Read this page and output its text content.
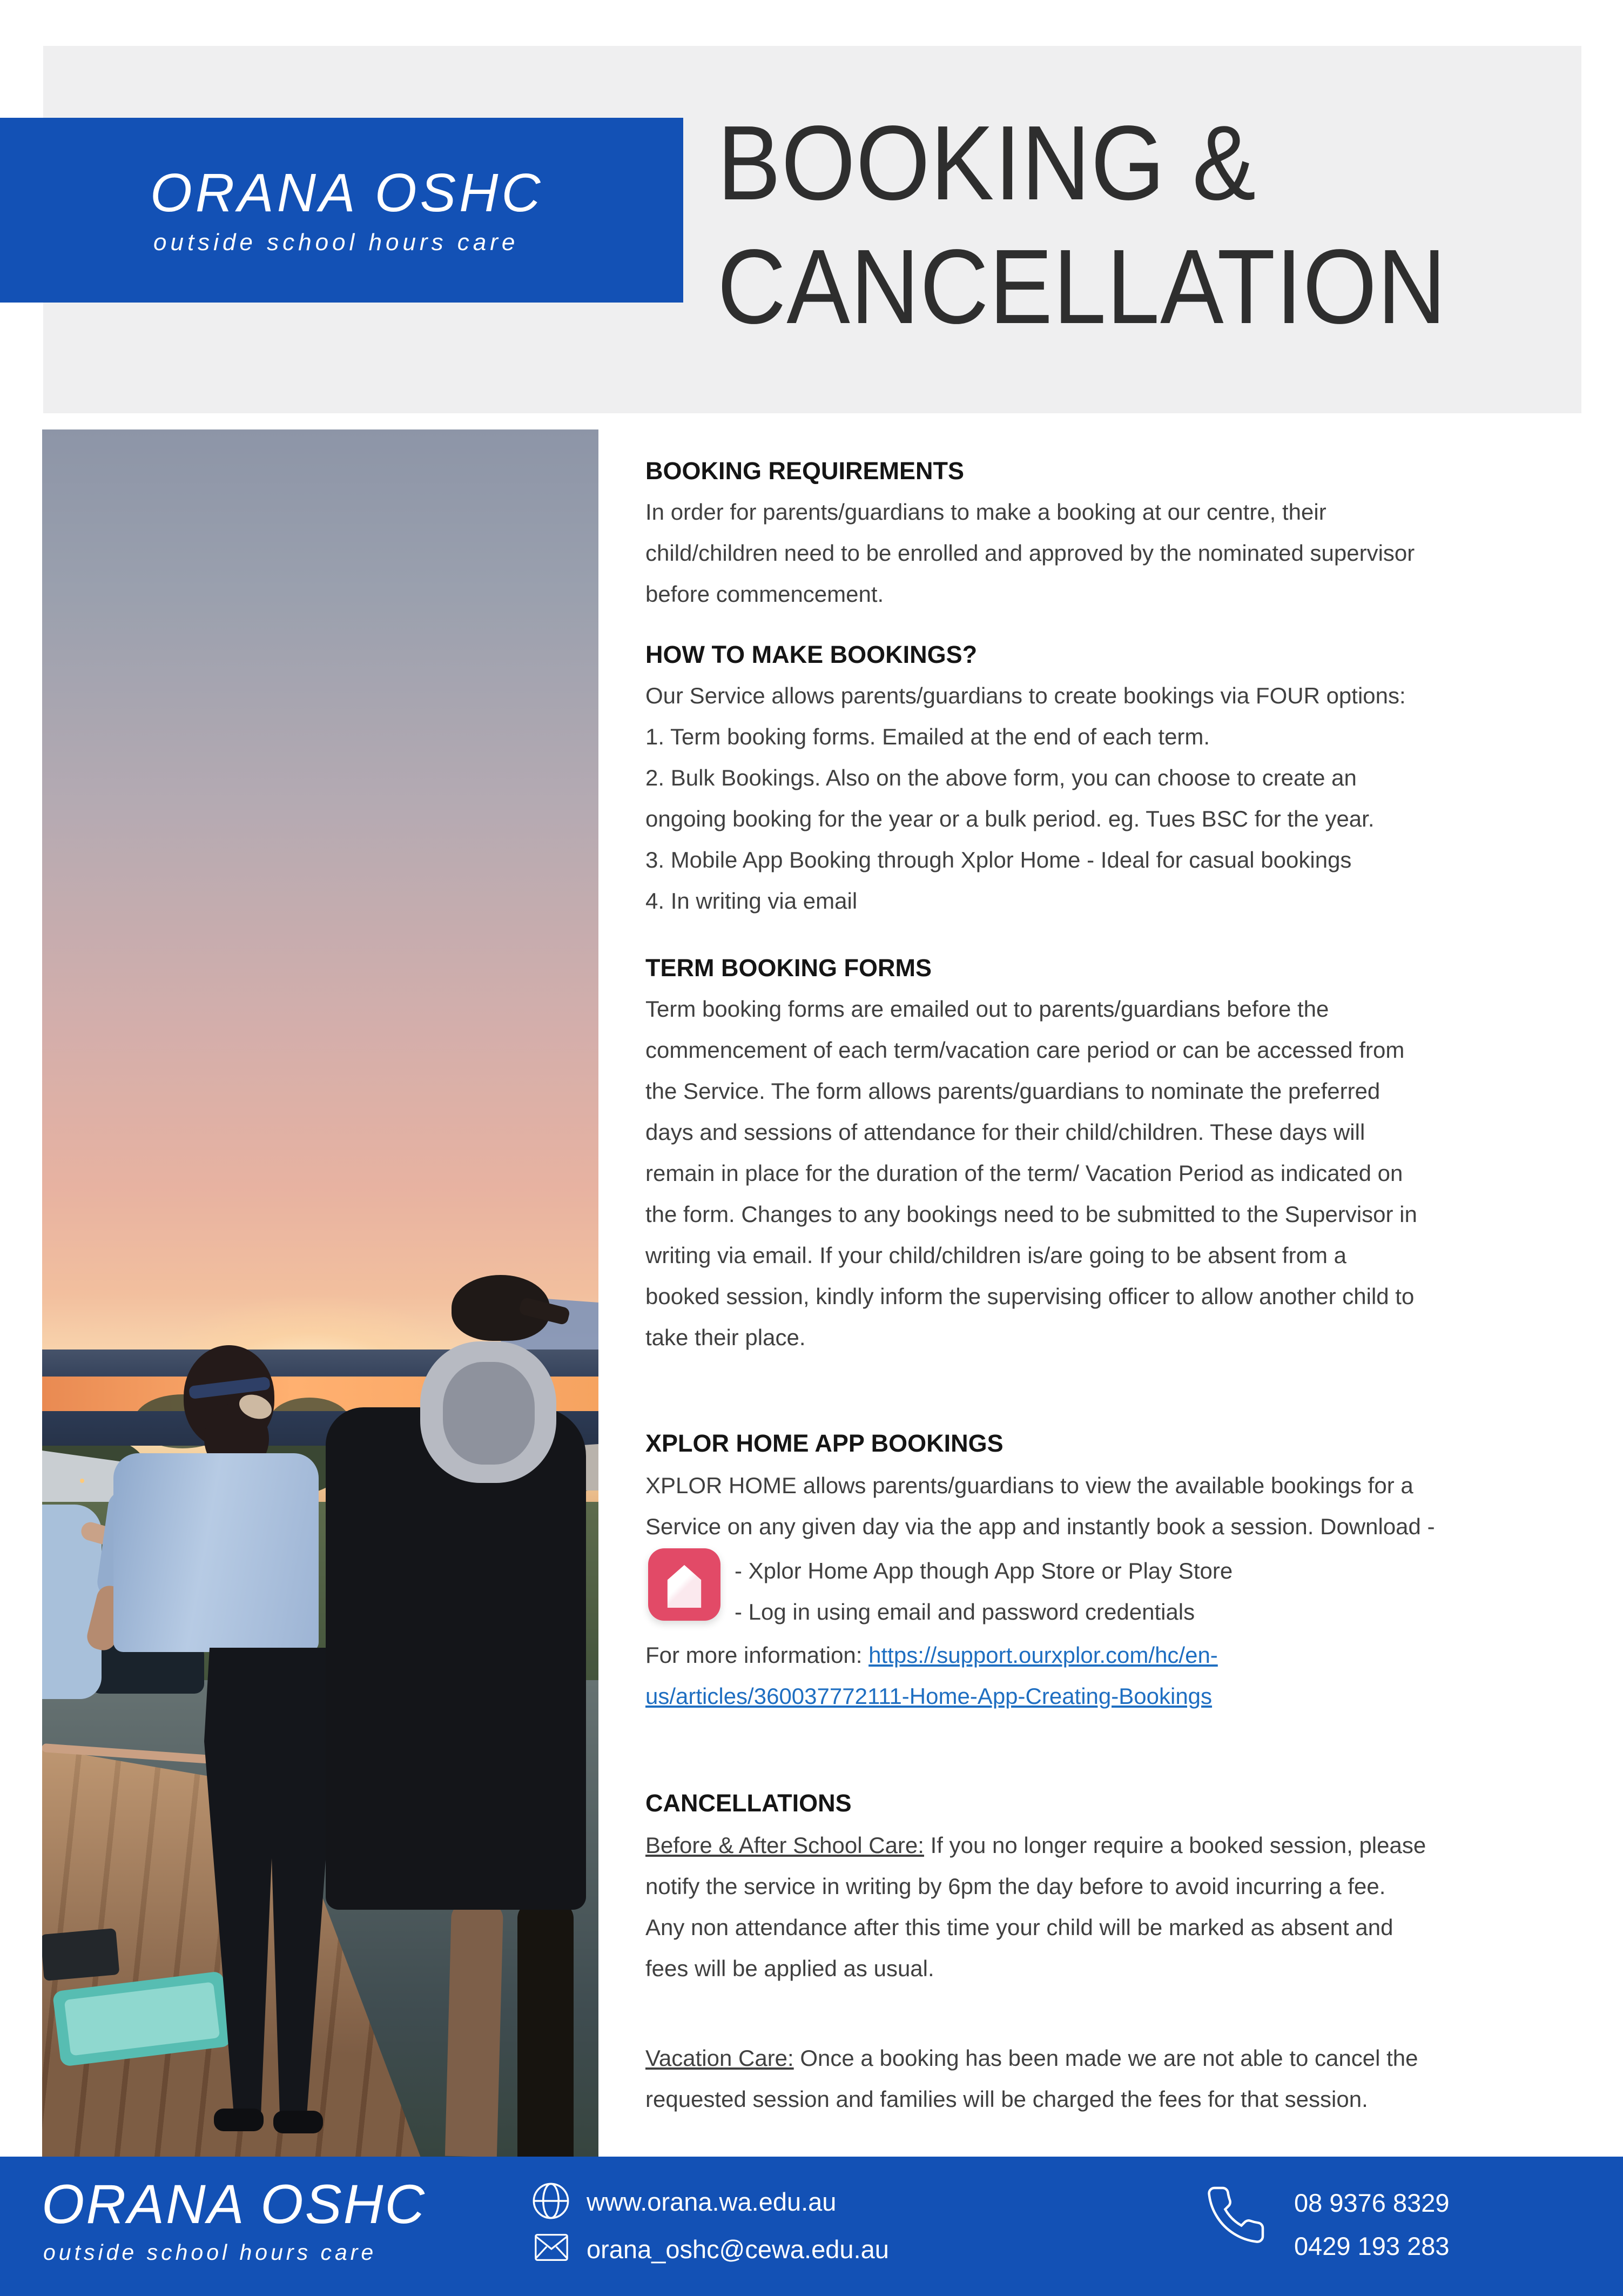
BOOKING &
CANCELLATION
ORANA OSHC
outside school hours care
BOOKING REQUIREMENTS
In order for parents/guardians to make a booking at our centre, their
child/children need to be enrolled and approved by the nominated supervisor
before commencement.
HOW TO MAKE BOOKINGS?
Our Service allows parents/guardians to create bookings via FOUR options:
1. Term booking forms. Emailed at the end of each term.
2. Bulk Bookings. Also on the above form, you can choose to create an
ongoing booking for the year or a bulk period. eg. Tues BSC for the year.
3. Mobile App Booking through Xplor Home - Ideal for casual bookings
4. In writing via email
TERM BOOKING FORMS
Term booking forms are emailed out to parents/guardians before the
commencement of each term/vacation care period or can be accessed from
the Service. The form allows parents/guardians to nominate the preferred
days and sessions of attendance for their child/children. These days will
remain in place for the duration of the term/ Vacation Period as indicated on
the form. Changes to any bookings need to be submitted to the Supervisor in
writing via email. If your child/children is/are going to be absent from a
booked session, kindly inform the supervising officer to allow another child to
take their place.
XPLOR HOME APP BOOKINGS
XPLOR HOME allows parents/guardians to view the available bookings for a
Service on any given day via the app and instantly book a session. Download -
- Xplor Home App though App Store or Play Store
- Log in using email and password credentials
For more information: https://support.ourxplor.com/hc/en-
us/articles/360037772111-Home-App-Creating-Bookings
CANCELLATIONS
Before & After School Care: If you no longer require a booked session, please
notify the service in writing by 6pm the day before to avoid incurring a fee.
Any non attendance after this time your child will be marked as absent and
fees will be applied as usual.
Vacation Care: Once a booking has been made we are not able to cancel the
requested session and families will be charged the fees for that session.
ORANA OSHC
outside school hours care
www.orana.wa.edu.au
orana_oshc@cewa.edu.au
08 9376 8329
0429 193 283
